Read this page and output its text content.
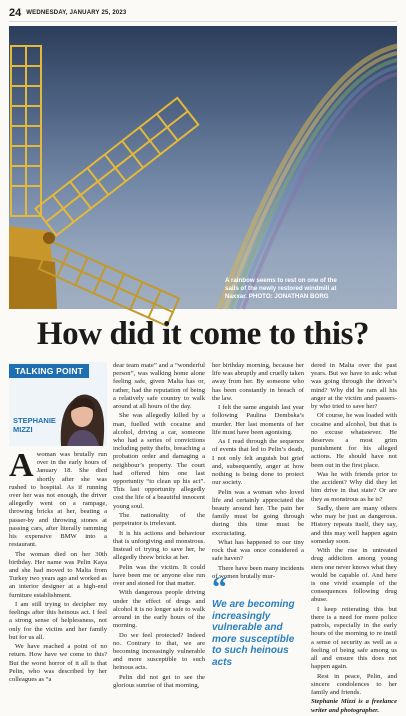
24 WEDNESDAY, JANUARY 25, 2023
A rainbow seems to rest on one of the
sails of the newly restored windmill at
Naxxar. PHOTO: JONATHAN BORG
How did it come to this?
TALKING POINT
STEPHANIE
MIZZI

Awoman was brutally run over in the early hours of January 18. She died shortly after she was rushed to hospital. As if running over her was not enough, the driver allegedly went on a rampage, throwing bricks at her, beating a passer-by and throwing stones at passing cars, after literally ramming his expensive BMW into a restaurant.

The woman died on her 30th birthday. Her name was Pelin Kaya and she had moved to Malta from Turkey two years ago and worked as an interior designer at a high-end furniture establishment.

I am still trying to decipher my feelings after this heinous act. I feel a strong sense of helplessness, not only for the victim and her family but for us all.

We have reached a point of no return. How have we come to this? But the worst horror of it all is that Pelin, who was described by her colleagues as “a

dear team mate” and a “wonderful person”, was walking home alone feeling safe, given Malta has or, rather, had the reputation of being a relatively safe country to walk around at all hours of the day.

She was allegedly killed by a man, fuelled with cocaine and alcohol, driving a car, someone who had a series of convictions including petty thefts, breaching a probation order and damaging a neighbour’s property. The court had offered him one last opportunity “to clean up his act”. This last opportunity allegedly cost the life of a beautiful innocent young soul.

The nationality of the perpetrator is irrelevant.

It is his actions and behaviour that is unforgiving and monstrous. Instead of trying to save her, he allegedly threw bricks at her.

Pelin was the victim. It could have been me or anyone else run over and stoned for that matter.

With dangerous people driving under the effect of drugs and alcohol it is no longer safe to walk around in the early hours of the morning.

Do we feel protected? Indeed no. Contrary to that, we are becoming increasingly vulnerable and more susceptible to such heinous acts.

Pelin did not get to see the glorious sunrise of that morning,

her birthday morning, because her life was abruptly and cruelly taken away from her. By someone who has been constantly in breach of the law.

I felt the same anguish last year following Paulina Dembska’s murder. Her last moments of her life must have been agonising.

As I read through the sequence of events that led to Pelin’s death, I not only felt anguish but grief and, subsequently, anger at how nothing is being done to protect our society.

Pelin was a woman who loved life and certainly appreciated the beauty around her. The pain her family must be going through during this time must be excruciating.

What has happened to our tiny rock that was once considered a safe haven?

There have been many incidents of women brutally mur-

dered in Malta over the past years. But we have to ask: what was going through the driver’s mind? Why did he ram all his anger at the victim and passers-by who tried to save her?

Of course, he was loaded with cocaine and alcohol, but that is no excuse whatsoever. He deserves a most grim punishment for his alleged actions. He should have not been out in the first place.

Was he with friends prior to the accident? Why did they let him drive in that state? Or are they as monstrous as he is?

Sadly, there are many others who may be just as dangerous. History repeats itself, they say, and this may well happen again someday soon.

With the rise in untreated drug addiction among young sters one never knows what they would be capable of. And here is one vivid example of the consequences following drug abuse.

I keep reiterating this but there is a need for more police patrols, especially in the early hours of the morning to re instil a sense of security as well as a feeling of being safe among us all and ensure this does not happen again.

Rest in peace, Pelin, and sincere condolences to her family and friends.

Stephanie Mizzi is a freelance writer and photographer.

“
We are becoming increasingly vulnerable and more susceptible to such heinous acts
